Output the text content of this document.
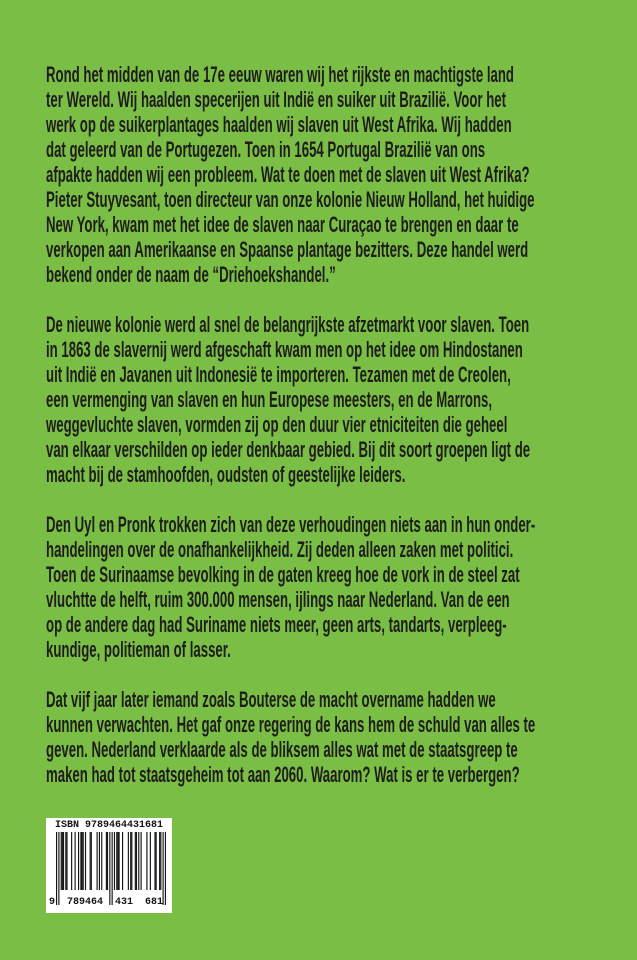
Rond het midden van de 17e eeuw waren wij het rijkste en machtigste land
ter Wereld. Wij haalden specerijen uit Indië en suiker uit Brazilië. Voor het
werk op de suikerplantages haalden wij slaven uit West Afrika. Wij hadden
dat geleerd van de Portugezen. Toen in 1654 Portugal Brazilië van ons
afpakte hadden wij een probleem. Wat te doen met de slaven uit West Afrika?
Pieter Stuyvesant, toen directeur van onze kolonie Nieuw Holland, het huidige
New York, kwam met het idee de slaven naar Curaçao te brengen en daar te
verkopen aan Amerikaanse en Spaanse plantage bezitters. Deze handel werd
bekend onder de naam de “Driehoekshandel.”
De nieuwe kolonie werd al snel de belangrijkste afzetmarkt voor slaven. Toen
in 1863 de slavernij werd afgeschaft kwam men op het idee om Hindostanen
uit Indië en Javanen uit Indonesië te importeren. Tezamen met de Creolen,
een vermenging van slaven en hun Europese meesters, en de Marrons,
weggevluchte slaven, vormden zij op den duur vier etniciteiten die geheel
van elkaar verschilden op ieder denkbaar gebied. Bij dit soort groepen ligt de
macht bij de stamhoofden, oudsten of geestelijke leiders.
Den Uyl en Pronk trokken zich van deze verhoudingen niets aan in hun onder-
handelingen over de onafhankelijkheid. Zij deden alleen zaken met politici.
Toen de Surinaamse bevolking in de gaten kreeg hoe de vork in de steel zat
vluchtte de helft, ruim 300.000 mensen, ijlings naar Nederland. Van de een
op de andere dag had Suriname niets meer, geen arts, tandarts, verpleeg-
kundige, politieman of lasser.
Dat vijf jaar later iemand zoals Bouterse de macht overname hadden we
kunnen verwachten. Het gaf onze regering de kans hem de schuld van alles te
geven. Nederland verklaarde als de bliksem alles wat met de staatsgreep te
maken had tot staatsgeheim tot aan 2060. Waarom? Wat is er te verbergen?
ISBN 9789464431681
9 789464 431 681
